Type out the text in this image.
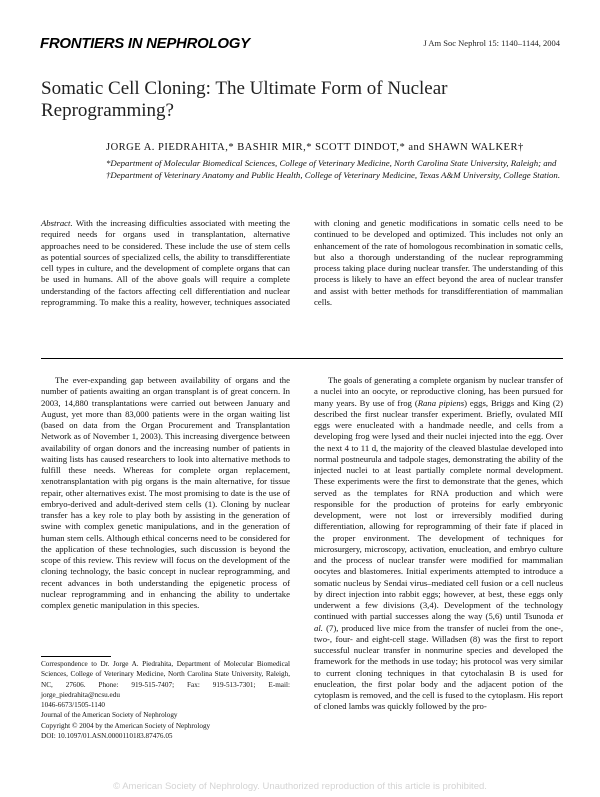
FRONTIERS IN NEPHROLOGY	J Am Soc Nephrol 15: 1140–1144, 2004
Somatic Cell Cloning: The Ultimate Form of Nuclear Reprogramming?
JORGE A. PIEDRAHITA,* BASHIR MIR,* SCOTT DINDOT,* and SHAWN WALKER†
*Department of Molecular Biomedical Sciences, College of Veterinary Medicine, North Carolina State University, Raleigh; and †Department of Veterinary Anatomy and Public Health, College of Veterinary Medicine, Texas A&M University, College Station.

Abstract. With the increasing difficulties associated with meeting the required needs for organs used in transplantation, alternative approaches need to be considered. These include the use of stem cells as potential sources of specialized cells, the ability to transdifferentiate cell types in culture, and the development of complete organs that can be used in humans. All of the above goals will require a complete understanding of the factors affecting cell differentiation and nuclear reprogramming. To make this a reality, however, techniques associated with cloning and genetic modifications in somatic cells need to be continued to be developed and optimized. This includes not only an enhancement of the rate of homologous recombination in somatic cells, but also a thorough understanding of the nuclear reprogramming process taking place during nuclear transfer. The understanding of this process is likely to have an effect beyond the area of nuclear transfer and assist with better methods for transdifferentiation of mammalian cells.

The ever-expanding gap between availability of organs and the number of patients awaiting an organ transplant is of great concern. In 2003, 14,880 transplantations were carried out between January and August, yet more than 83,000 patients were in the organ waiting list (based on data from the Organ Procurement and Transplantation Network as of November 1, 2003). This increasing divergence between availability of organ donors and the increasing number of patients in waiting lists has caused researchers to look into alternative methods to fulfill these needs. Whereas for complete organ replacement, xenotransplantation with pig organs is the main alternative, for tissue repair, other alternatives exist. The most promising to date is the use of embryo-derived and adult-derived stem cells (1). Cloning by nuclear transfer has a key role to play both by assisting in the generation of swine with complex genetic manipulations, and in the generation of human stem cells. Although ethical concerns need to be considered for the application of these technologies, such discussion is beyond the scope of this review. This review will focus on the development of the cloning technology, the basic concept in nuclear reprogramming, and recent advances in both understanding the epigenetic process of nuclear reprogramming and in enhancing the ability to undertake complex genetic manipulation in this species.

The goals of generating a complete organism by nuclear transfer of a nuclei into an oocyte, or reproductive cloning, has been pursued for many years. By use of frog (Rana pipiens) eggs, Briggs and King (2) described the first nuclear transfer experiment. Briefly, ovulated MII eggs were enucleated with a handmade needle, and cells from a developing frog were lysed and their nuclei injected into the egg. Over the next 4 to 11 d, the majority of the cleaved blastulae developed into normal postneurula and tadpole stages, demonstrating the ability of the injected nuclei to at least partially complete normal development. These experiments were the first to demonstrate that the genes, which served as the templates for RNA production and which were responsible for the production of proteins for early embryonic development, were not lost or irreversibly modified during differentiation, allowing for reprogramming of their fate if placed in the proper environment. The development of techniques for microsurgery, microscopy, activation, enucleation, and embryo culture and the process of nuclear transfer were modified for mammalian oocytes and blastomeres. Initial experiments attempted to introduce a somatic nucleus by Sendai virus–mediated cell fusion or a cell nucleus by direct injection into rabbit eggs; however, at best, these eggs only underwent a few divisions (3,4). Development of the technology continued with partial successes along the way (5,6) until Tsunoda et al. (7), produced live mice from the transfer of nuclei from the one-, two-, four- and eight-cell stage. Willadsen (8) was the first to report successful nuclear transfer in nonmurine species and developed the framework for the methods in use today; his protocol was very similar to current cloning techniques in that cytochalasin B is used for enucleation, the first polar body and the adjacent potion of the cytoplasm is removed, and the cell is fused to the cytoplasm. His report of cloned lambs was quickly followed by the pro-

Correspondence to Dr. Jorge A. Piedrahita, Department of Molecular Biomedical Sciences, College of Veterinary Medicine, North Carolina State University, Raleigh, NC, 27606. Phone: 919-515-7407; Fax: 919-513-7301; E-mail: jorge_piedrahita@ncsu.edu
1046-6673/1505-1140
Journal of the American Society of Nephrology
Copyright © 2004 by the American Society of Nephrology
DOI: 10.1097/01.ASN.0000110183.87476.05
© American Society of Nephrology. Unauthorized reproduction of this article is prohibited.
